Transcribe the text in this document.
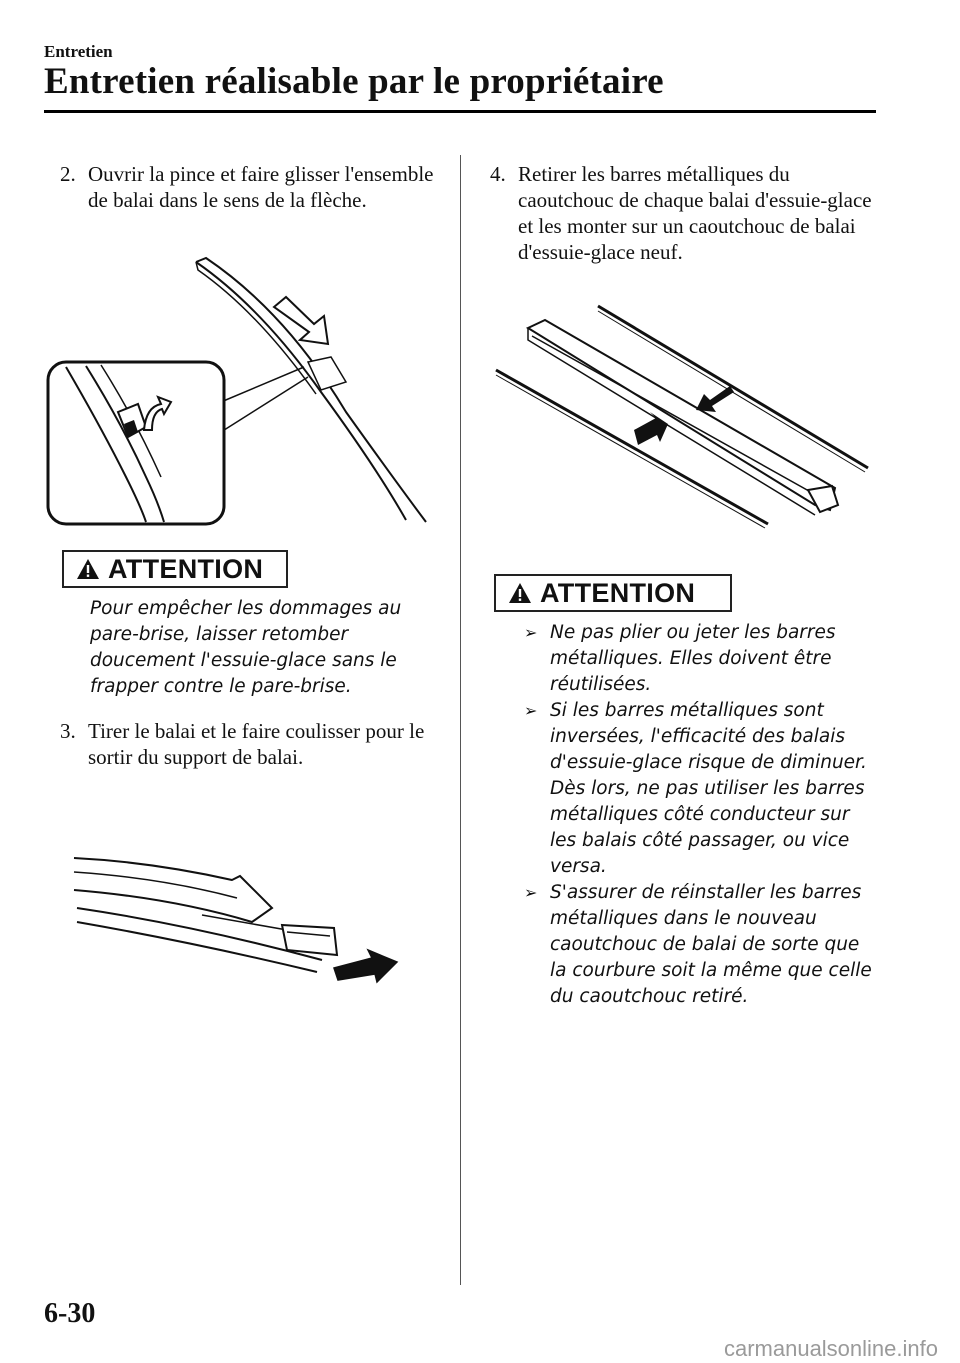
Entretien
Entretien réalisable par le propriétaire
2. Ouvrir la pince et faire glisser l'ensemble de balai dans le sens de la flèche.
ATTENTION
Pour empêcher les dommages au pare-brise, laisser retomber doucement l'essuie-glace sans le frapper contre le pare-brise.
3. Tirer le balai et le faire coulisser pour le sortir du support de balai.
4. Retirer les barres métalliques du caoutchouc de chaque balai d'essuie-glace et les monter sur un caoutchouc de balai d'essuie-glace neuf.
ATTENTION
➢ Ne pas plier ou jeter les barres métalliques. Elles doivent être réutilisées.
➢ Si les barres métalliques sont inversées, l'efficacité des balais d'essuie-glace risque de diminuer. Dès lors, ne pas utiliser les barres métalliques côté conducteur sur les balais côté passager, ou vice versa.
➢ S'assurer de réinstaller les barres métalliques dans le nouveau caoutchouc de balai de sorte que la courbure soit la même que celle du caoutchouc retiré.
6-30
carmanualsonline.info
